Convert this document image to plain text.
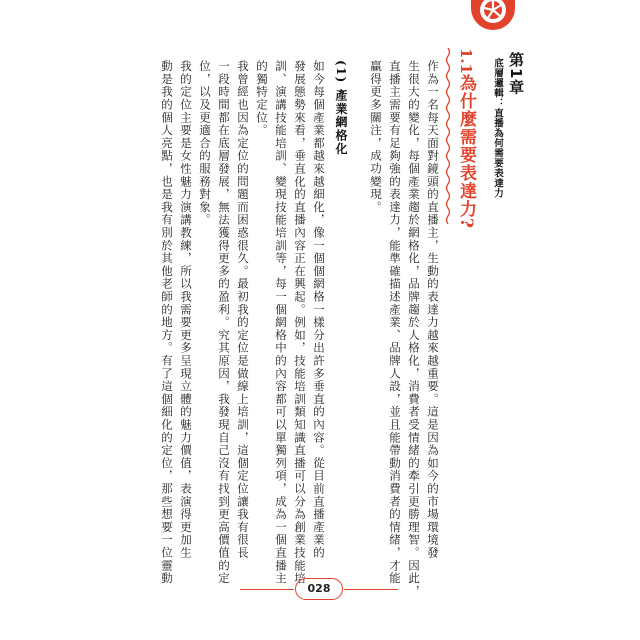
第1章
底層邏輯：直播為何需要表達力
1.1
為什麼需要表達力?
作為一名每天面對鏡頭的直播主，生動的表達力越來越重要。這是因為如今的市場環境發
生很大的變化，每個產業趨於網格化，品牌趨於人格化，消費者受情緒的牽引更勝理智。因此，
直播主需要有足夠強的表達力，能準確描述產業、品牌人設，並且能帶動消費者的情緒，才能
贏得更多關注，成功變現。
(1) 產業網格化
如今每個產業都越來越細化，像一個個網格一樣分出許多垂直的內容。從目前直播產業的
發展態勢來看，垂直化的直播內容正在興起。例如，技能培訓類知識直播可以分為創業技能培
訓、演講技能培訓、變現技能培訓等，每一個網格中的內容都可以單獨列項，成為一個直播主
的獨特定位。
我曾經也因為定位的問題而困惑很久。最初我的定位是做線上培訓，這個定位讓我有很長
一段時間都在底層發展，無法獲得更多的盈利。究其原因，我發現自己沒有找到更高價值的定
位，以及更適合的服務對象。
我的定位主要是女性魅力演講教練，所以我需要更多呈現立體的魅力價值，表演得更加生
動是我的個人亮點，也是我有別於其他老師的地方。有了這個細化的定位，那些想要一位靈動
028
